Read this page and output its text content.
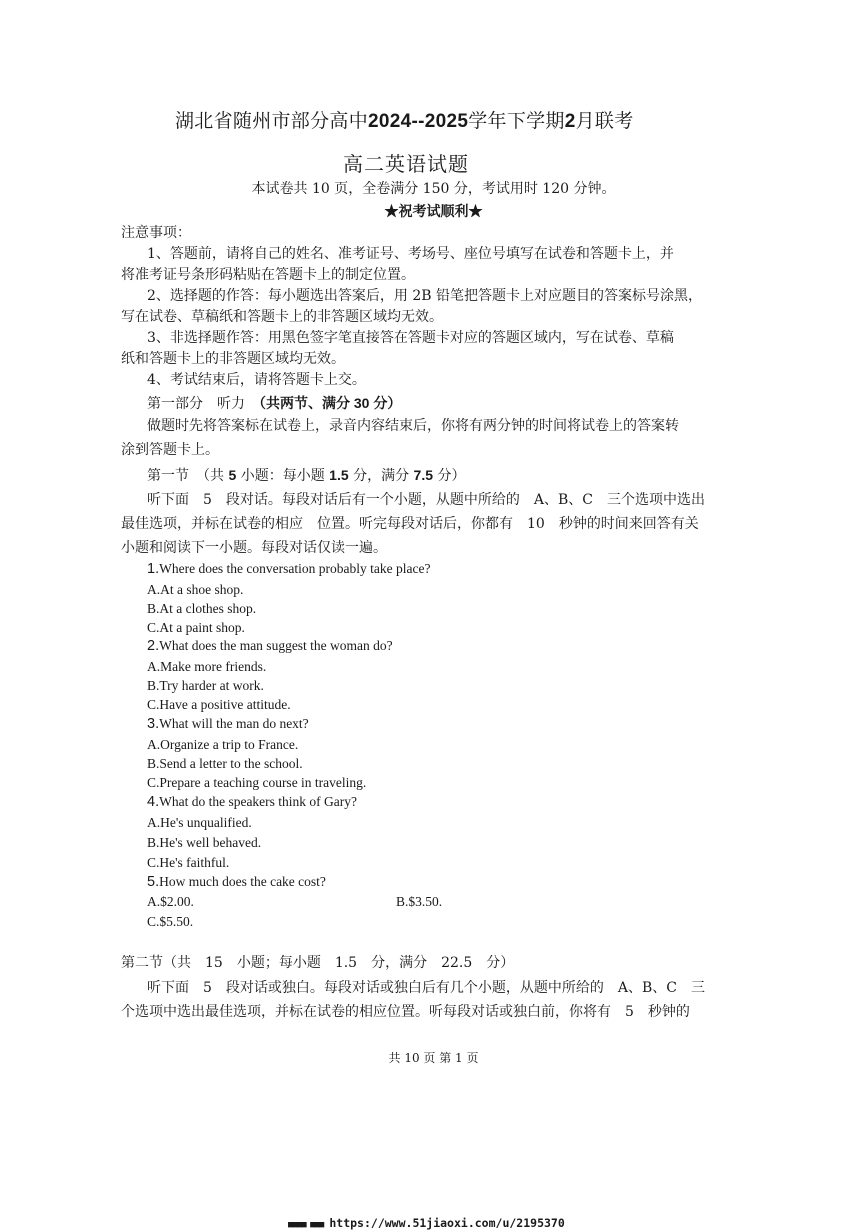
湖北省随州市部分高中2024--2025学年下学期2月联考
高二英语试题
本试卷共 10 页，全卷满分 150 分，考试用时 120 分钟。
★祝考试顺利★
注意事项：
1、答题前，请将自己的姓名、准考证号、考场号、座位号填写在试卷和答题卡上，并
将准考证号条形码粘贴在答题卡上的制定位置。
2、选择题的作答：每小题选出答案后，用 2B 铅笔把答题卡上对应题目的答案标号涂黑，
写在试卷、草稿纸和答题卡上的非答题区域均无效。
3、非选择题作答：用黑色签字笔直接答在答题卡对应的答题区域内，写在试卷、草稿
纸和答题卡上的非答题区域均无效。
4、考试结束后，请将答题卡上交。
第一部分　听力　（共两节、满分 30 分）
做题时先将答案标在试卷上，录音内容结束后，你将有两分钟的时间将试卷上的答案转
涂到答题卡上。
第一节　（共 5 小题：每小题 1.5 分，满分 7.5 分）
听下面　5　段对话。每段对话后有一个小题，从题中所给的　A、B、C　三个选项中选出
最佳选项，并标在试卷的相应　位置。听完每段对话后，你都有　10　秒钟的时间来回答有关
小题和阅读下一小题。每段对话仅读一遍。
1.Where does the conversation probably take place?
A.At a shoe shop.
B.At a clothes shop.
C.At a paint shop.
2.What does the man suggest the woman do?
A.Make more friends.
B.Try harder at work.
C.Have a positive attitude.
3.What will the man do next?
A.Organize a trip to France.
B.Send a letter to the school.
C.Prepare a teaching course in traveling.
4.What do the speakers think of Gary?
A.He's unqualified.
B.He's well behaved.
C.He's faithful.
5.How much does the cake cost?
A.$2.00.	B.$3.50.
C.$5.50.
第二节（共　15　小题；每小题　1.5　分，满分　22.5　分）
听下面　5　段对话或独白。每段对话或独白后有几个小题，从题中所给的　A、B、C　三
个选项中选出最佳选项，并标在试卷的相应位置。听每段对话或独白前，你将有　5　秒钟的
共 10 页 第 1 页
■■■■ ■■■ https://www.51jiaoxi.com/u/2195370
